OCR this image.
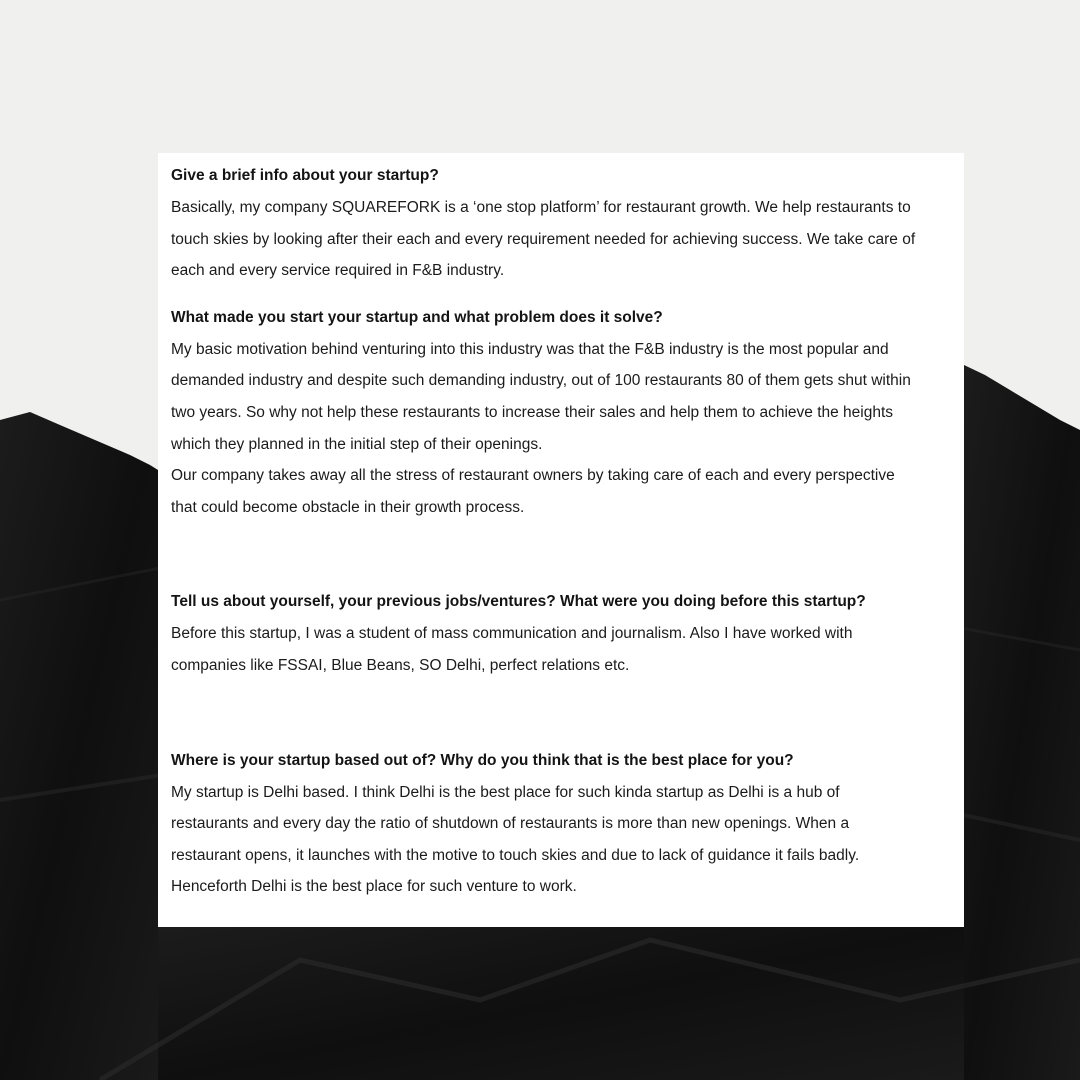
Give a brief info about your startup?

Basically, my company SQUAREFORK is a ‘one stop platform’ for restaurant growth. We help restaurants to

touch skies by looking after their each and every requirement needed for achieving success. We take care of

each and every service required in F&B industry.

What made you start your startup and what problem does it solve?

My basic motivation behind venturing into this industry was that the F&B industry is the most popular and

demanded industry and despite such demanding industry, out of 100 restaurants 80 of them gets shut within

two years. So why not help these restaurants to increase their sales and help them to achieve the heights

which they planned in the initial step of their openings.

Our company takes away all the stress of restaurant owners by taking care of each and every perspective

that could become obstacle in their growth process.

Tell us about yourself, your previous jobs/ventures? What were you doing before this startup?

Before this startup, I was a student of mass communication and journalism. Also I have worked with

companies like FSSAI, Blue Beans, SO Delhi, perfect relations etc.

Where is your startup based out of? Why do you think that is the best place for you?

My startup is Delhi based. I think Delhi is the best place for such kinda startup as Delhi is a hub of

restaurants and every day the ratio of shutdown of restaurants is more than new openings. When a

restaurant opens, it launches with the motive to touch skies and due to lack of guidance it fails badly.

Henceforth Delhi is the best place for such venture to work.
